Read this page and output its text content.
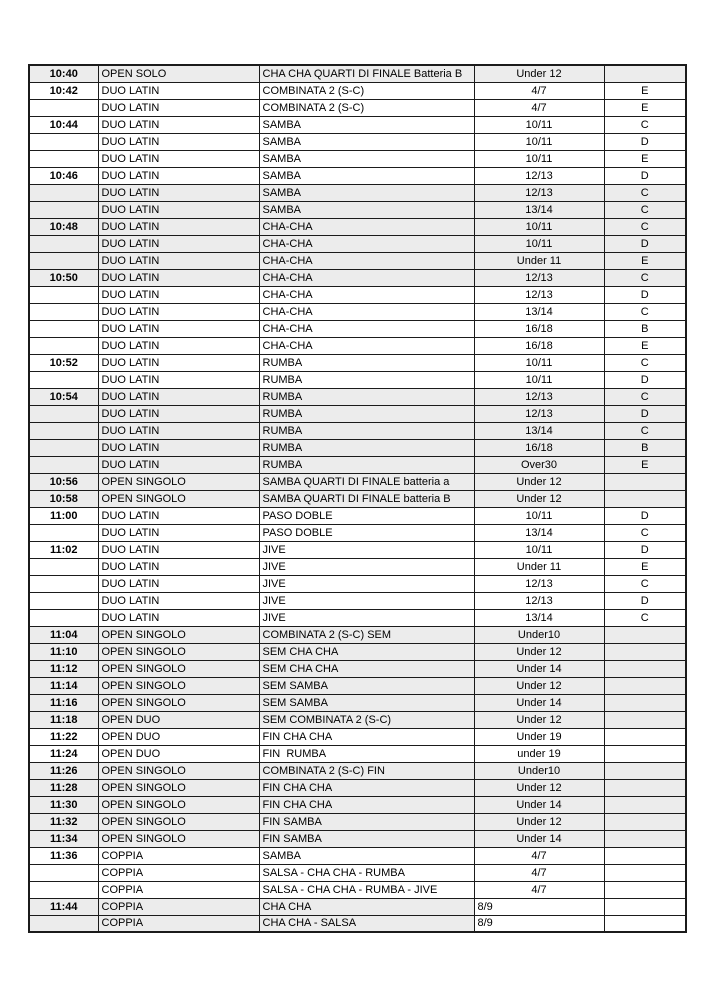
10:40	OPEN SOLO	CHA CHA QUARTI DI FINALE Batteria B	Under 12	
10:42	DUO LATIN	COMBINATA 2 (S-C)	4/7	E
	DUO LATIN	COMBINATA 2 (S-C)	4/7	E
10:44	DUO LATIN	SAMBA	10/11	C
	DUO LATIN	SAMBA	10/11	D
	DUO LATIN	SAMBA	10/11	E
10:46	DUO LATIN	SAMBA	12/13	D
	DUO LATIN	SAMBA	12/13	C
	DUO LATIN	SAMBA	13/14	C
10:48	DUO LATIN	CHA-CHA	10/11	C
	DUO LATIN	CHA-CHA	10/11	D
	DUO LATIN	CHA-CHA	Under 11	E
10:50	DUO LATIN	CHA-CHA	12/13	C
	DUO LATIN	CHA-CHA	12/13	D
	DUO LATIN	CHA-CHA	13/14	C
	DUO LATIN	CHA-CHA	16/18	B
	DUO LATIN	CHA-CHA	16/18	E
10:52	DUO LATIN	RUMBA	10/11	C
	DUO LATIN	RUMBA	10/11	D
10:54	DUO LATIN	RUMBA	12/13	C
	DUO LATIN	RUMBA	12/13	D
	DUO LATIN	RUMBA	13/14	C
	DUO LATIN	RUMBA	16/18	B
	DUO LATIN	RUMBA	Over30	E
10:56	OPEN SINGOLO	SAMBA QUARTI DI FINALE batteria a	Under 12	
10:58	OPEN SINGOLO	SAMBA QUARTI DI FINALE batteria B	Under 12	
11:00	DUO LATIN	PASO DOBLE	10/11	D
	DUO LATIN	PASO DOBLE	13/14	C
11:02	DUO LATIN	JIVE	10/11	D
	DUO LATIN	JIVE	Under 11	E
	DUO LATIN	JIVE	12/13	C
	DUO LATIN	JIVE	12/13	D
	DUO LATIN	JIVE	13/14	C
11:04	OPEN SINGOLO	COMBINATA 2 (S-C) SEM	Under10	
11:10	OPEN SINGOLO	SEM CHA CHA	Under 12	
11:12	OPEN SINGOLO	SEM CHA CHA	Under 14	
11:14	OPEN SINGOLO	SEM SAMBA	Under 12	
11:16	OPEN SINGOLO	SEM SAMBA	Under 14	
11:18	OPEN DUO	SEM COMBINATA 2 (S-C)	Under 12	
11:22	OPEN DUO	FIN CHA CHA	Under 19	
11:24	OPEN DUO	FIN  RUMBA	under 19	
11:26	OPEN SINGOLO	COMBINATA 2 (S-C) FIN	Under10	
11:28	OPEN SINGOLO	FIN CHA CHA	Under 12	
11:30	OPEN SINGOLO	FIN CHA CHA	Under 14	
11:32	OPEN SINGOLO	FIN SAMBA	Under 12	
11:34	OPEN SINGOLO	FIN SAMBA	Under 14	
11:36	COPPIA	SAMBA	4/7	
	COPPIA	SALSA - CHA CHA - RUMBA	4/7	
	COPPIA	SALSA - CHA CHA - RUMBA - JIVE	4/7	
11:44	COPPIA	CHA CHA	8/9	
	COPPIA	CHA CHA - SALSA	8/9	
